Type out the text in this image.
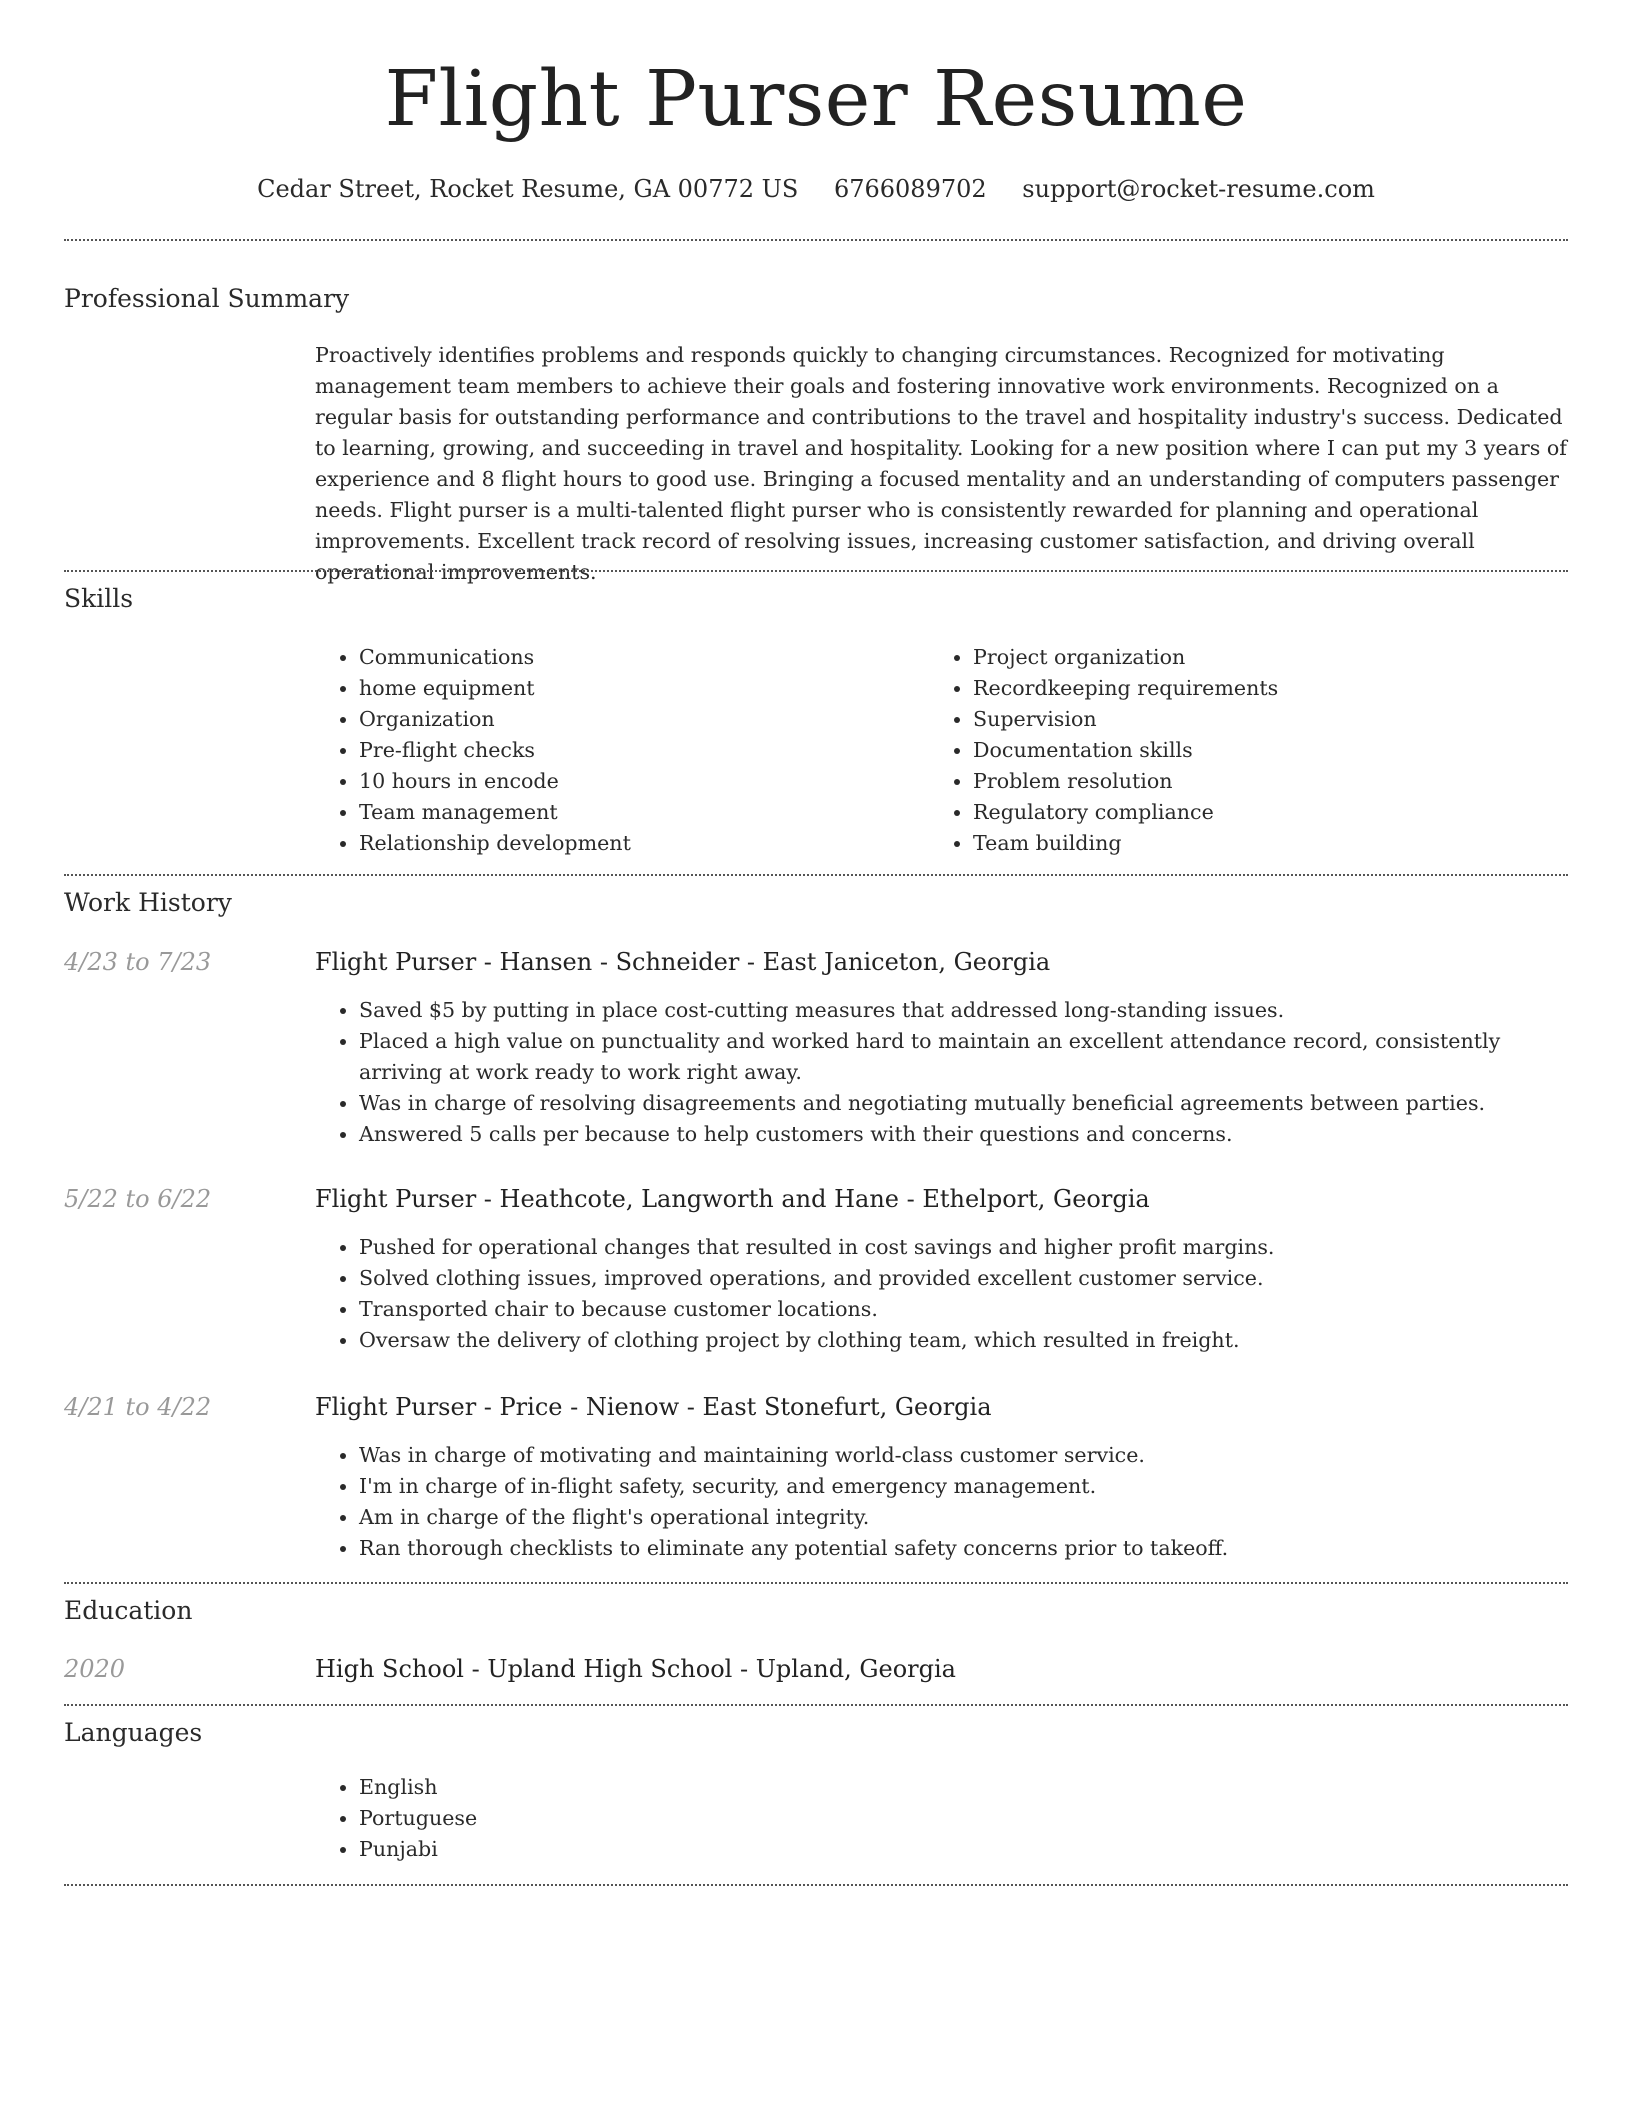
Flight Purser Resume
Cedar Street, Rocket Resume, GA 00772 US 6766089702 support@rocket-resume.com
Professional Summary
Proactively identifies problems and responds quickly to changing circumstances. Recognized for motivating management team members to achieve their goals and fostering innovative work environments. Recognized on a regular basis for outstanding performance and contributions to the travel and hospitality industry's success. Dedicated to learning, growing, and succeeding in travel and hospitality. Looking for a new position where I can put my 3 years of experience and 8 flight hours to good use. Bringing a focused mentality and an understanding of computers passenger needs. Flight purser is a multi-talented flight purser who is consistently rewarded for planning and operational improvements. Excellent track record of resolving issues, increasing customer satisfaction, and driving overall operational improvements.
Skills
• Communications
• home equipment
• Organization
• Pre-flight checks
• 10 hours in encode
• Team management
• Relationship development
• Project organization
• Recordkeeping requirements
• Supervision
• Documentation skills
• Problem resolution
• Regulatory compliance
• Team building
Work History
4/23 to 7/23	Flight Purser - Hansen - Schneider - East Janiceton, Georgia
• Saved $5 by putting in place cost-cutting measures that addressed long-standing issues.
• Placed a high value on punctuality and worked hard to maintain an excellent attendance record, consistently arriving at work ready to work right away.
• Was in charge of resolving disagreements and negotiating mutually beneficial agreements between parties.
• Answered 5 calls per because to help customers with their questions and concerns.
5/22 to 6/22	Flight Purser - Heathcote, Langworth and Hane - Ethelport, Georgia
• Pushed for operational changes that resulted in cost savings and higher profit margins.
• Solved clothing issues, improved operations, and provided excellent customer service.
• Transported chair to because customer locations.
• Oversaw the delivery of clothing project by clothing team, which resulted in freight.
4/21 to 4/22	Flight Purser - Price - Nienow - East Stonefurt, Georgia
• Was in charge of motivating and maintaining world-class customer service.
• I'm in charge of in-flight safety, security, and emergency management.
• Am in charge of the flight's operational integrity.
• Ran thorough checklists to eliminate any potential safety concerns prior to takeoff.
Education
2020	High School - Upland High School - Upland, Georgia
Languages
• English
• Portuguese
• Punjabi
